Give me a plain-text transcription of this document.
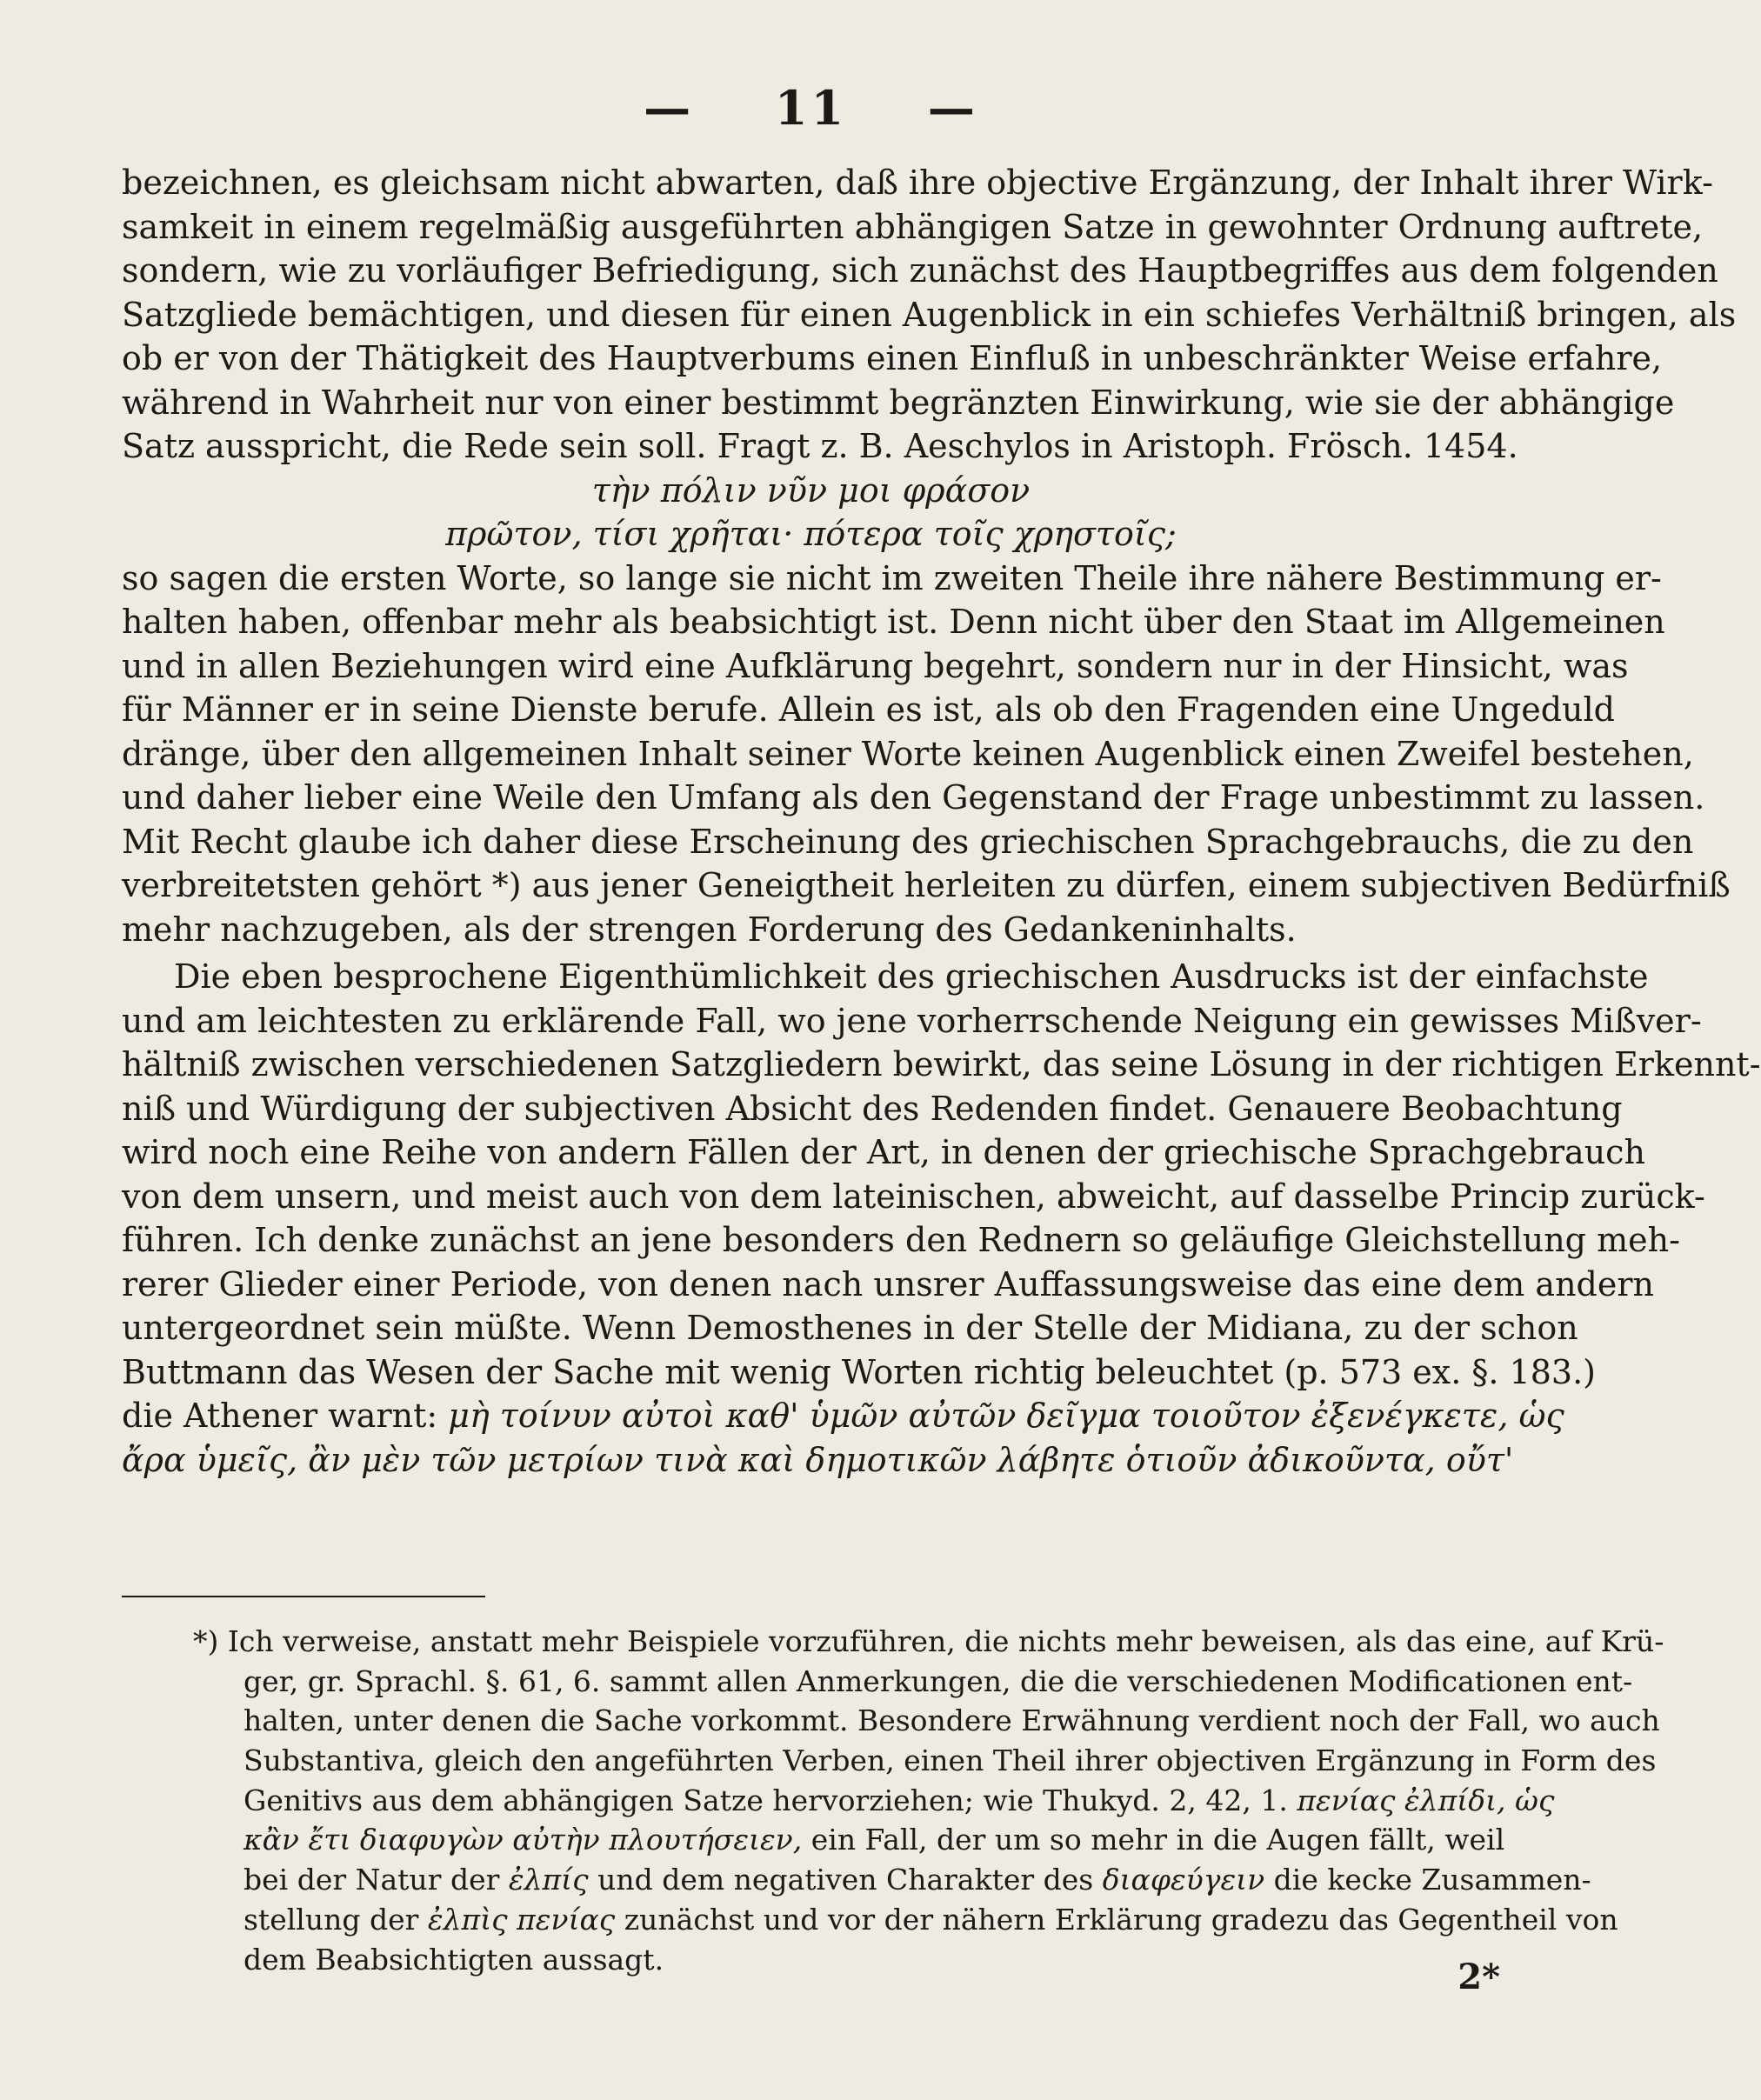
— 11 —
bezeichnen, es gleichsam nicht abwarten, daß ihre objective Ergänzung, der Inhalt ihrer Wirk-
samkeit in einem regelmäßig ausgeführten abhängigen Satze in gewohnter Ordnung auftrete,
sondern, wie zu vorläufiger Befriedigung, sich zunächst des Hauptbegriffes aus dem folgenden
Satzgliede bemächtigen, und diesen für einen Augenblick in ein schiefes Verhältniß bringen, als
ob er von der Thätigkeit des Hauptverbums einen Einfluß in unbeschränkter Weise erfahre,
während in Wahrheit nur von einer bestimmt begränzten Einwirkung, wie sie der abhängige
Satz ausspricht, die Rede sein soll. Fragt z. B. Aeschylos in Aristoph. Frösch. 1454.
τὴν πόλιν νῦν μοι φράσον
πρῶτον, τίσι χρῆται· πότερα τοῖς χρηστοῖς;
so sagen die ersten Worte, so lange sie nicht im zweiten Theile ihre nähere Bestimmung er-
halten haben, offenbar mehr als beabsichtigt ist. Denn nicht über den Staat im Allgemeinen
und in allen Beziehungen wird eine Aufklärung begehrt, sondern nur in der Hinsicht, was
für Männer er in seine Dienste berufe. Allein es ist, als ob den Fragenden eine Ungeduld
dränge, über den allgemeinen Inhalt seiner Worte keinen Augenblick einen Zweifel bestehen,
und daher lieber eine Weile den Umfang als den Gegenstand der Frage unbestimmt zu lassen.
Mit Recht glaube ich daher diese Erscheinung des griechischen Sprachgebrauchs, die zu den
verbreitetsten gehört *) aus jener Geneigtheit herleiten zu dürfen, einem subjectiven Bedürfniß
mehr nachzugeben, als der strengen Forderung des Gedankeninhalts.
Die eben besprochene Eigenthümlichkeit des griechischen Ausdrucks ist der einfachste
und am leichtesten zu erklärende Fall, wo jene vorherrschende Neigung ein gewisses Mißver-
hältniß zwischen verschiedenen Satzgliedern bewirkt, das seine Lösung in der richtigen Erkennt-
niß und Würdigung der subjectiven Absicht des Redenden findet. Genauere Beobachtung
wird noch eine Reihe von andern Fällen der Art, in denen der griechische Sprachgebrauch
von dem unsern, und meist auch von dem lateinischen, abweicht, auf dasselbe Princip zurück-
führen. Ich denke zunächst an jene besonders den Rednern so geläufige Gleichstellung meh-
rerer Glieder einer Periode, von denen nach unsrer Auffassungsweise das eine dem andern
untergeordnet sein müßte. Wenn Demosthenes in der Stelle der Midiana, zu der schon
Buttmann das Wesen der Sache mit wenig Worten richtig beleuchtet (p. 573 ex. §. 183.)
die Athener warnt: μὴ τοίνυν αὐτοὶ καθ' ὑμῶν αὐτῶν δεῖγμα τοιοῦτον ἐξενέγκετε, ὡς
ἄρα ὑμεῖς, ἂν μὲν τῶν μετρίων τινὰ καὶ δημοτικῶν λάβητε ὁτιοῦν ἀδικοῦντα, οὔτ'
*) Ich verweise, anstatt mehr Beispiele vorzuführen, die nichts mehr beweisen, als das eine, auf Krü-
ger, gr. Sprachl. §. 61, 6. sammt allen Anmerkungen, die die verschiedenen Modificationen ent-
halten, unter denen die Sache vorkommt. Besondere Erwähnung verdient noch der Fall, wo auch
Substantiva, gleich den angeführten Verben, einen Theil ihrer objectiven Ergänzung in Form des
Genitivs aus dem abhängigen Satze hervorziehen; wie Thukyd. 2, 42, 1. πενίας ἐλπίδι, ὡς
κἂν ἔτι διαφυγὼν αὐτὴν πλουτήσειεν, ein Fall, der um so mehr in die Augen fällt, weil
bei der Natur der ἐλπίς und dem negativen Charakter des διαφεύγειν die kecke Zusammen-
stellung der ἐλπὶς πενίας zunächst und vor der nähern Erklärung gradezu das Gegentheil von
dem Beabsichtigten aussagt.	2*
